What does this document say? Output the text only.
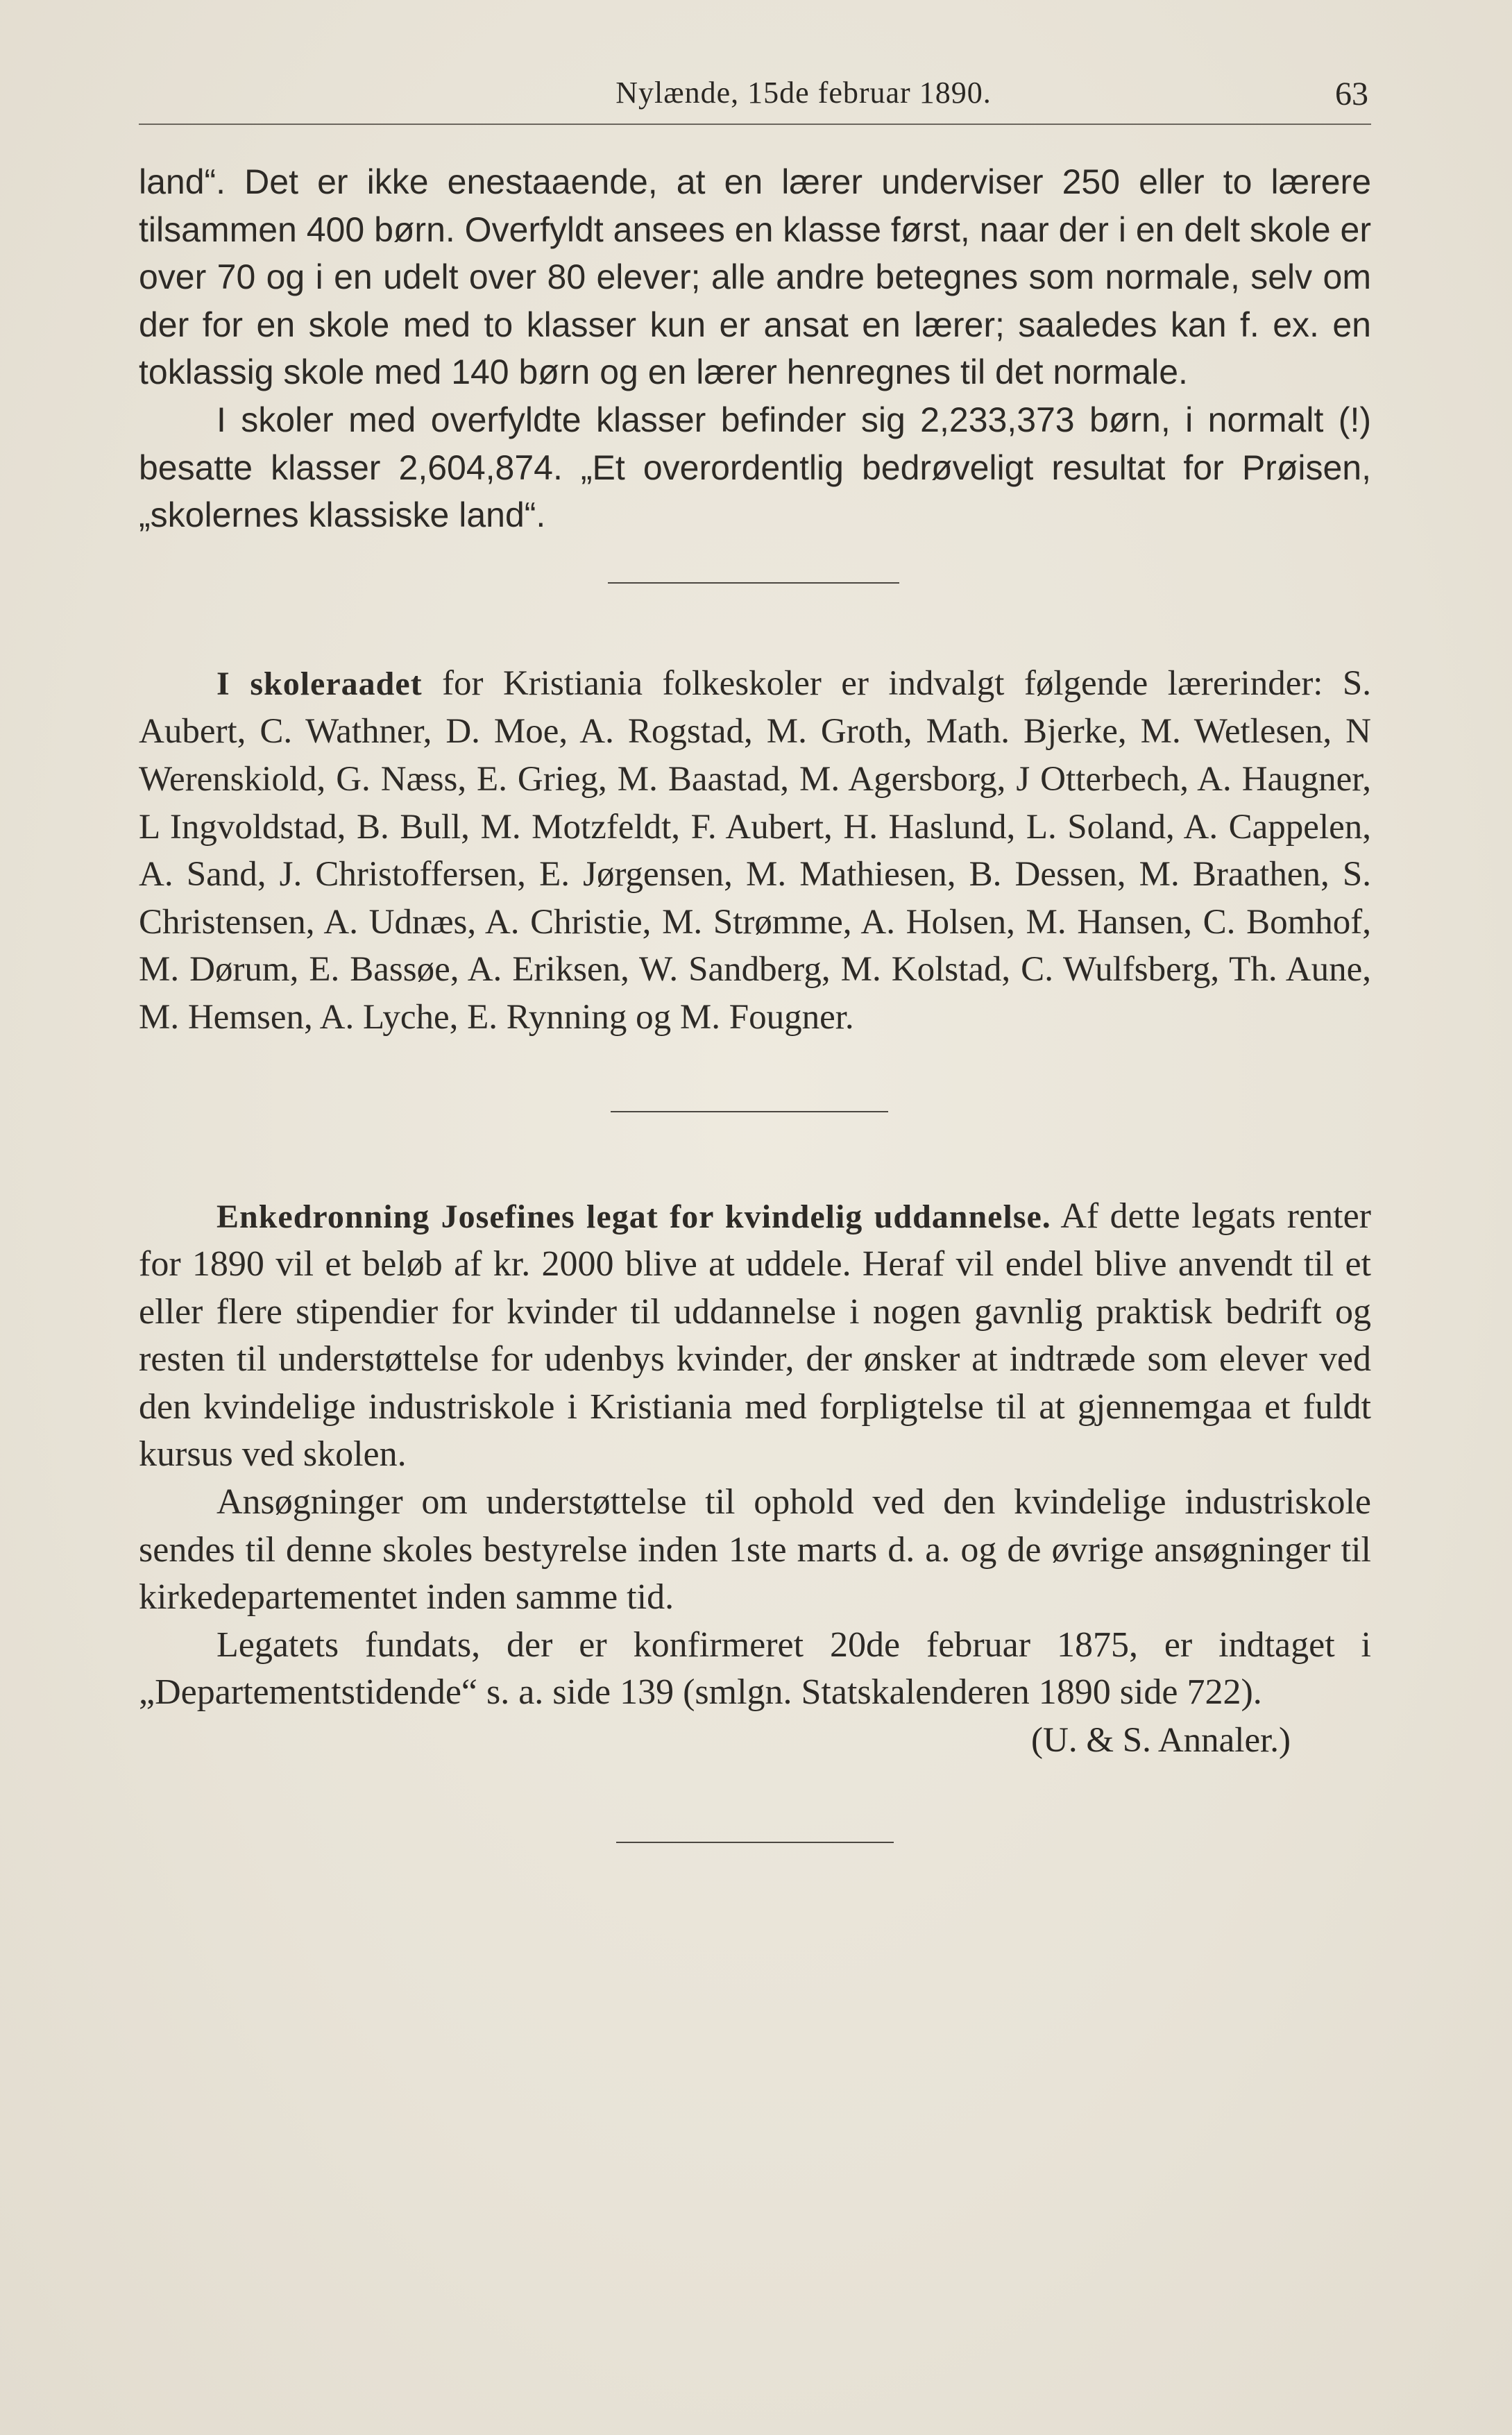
Nylænde, 15de februar 1890.	63

land“. Det er ikke enestaaende, at en lærer underviser 250 eller to lærere tilsammen 400 børn. Overfyldt ansees en klasse først, naar der i en delt skole er over 70 og i en udelt over 80 elever; alle andre betegnes som normale, selv om der for en skole med to klasser kun er ansat en lærer; saaledes kan f. ex. en toklassig skole med 140 børn og en lærer henregnes til det normale.

I skoler med overfyldte klasser befinder sig 2,233,373 børn, i normalt (!) besatte klasser 2,604,874. „Et overordentlig bedrøveligt resultat for Prøisen, „skolernes klassiske land“.

I skoleraadet for Kristiania folkeskoler er indvalgt følgende lærerinder: S. Aubert, C. Wathner, D. Moe, A. Rogstad, M. Groth, Math. Bjerke, M. Wetlesen, N Werenskiold, G. Næss, E. Grieg, M. Baastad, M. Agersborg, J Otterbech, A. Haugner, L Ingvoldstad, B. Bull, M. Motzfeldt, F. Aubert, H. Haslund, L. Soland, A. Cappelen, A. Sand, J. Christoffersen, E. Jørgensen, M. Mathiesen, B. Dessen, M. Braathen, S. Christensen, A. Udnæs, A. Christie, M. Strømme, A. Holsen, M. Hansen, C. Bomhof, M. Dørum, E. Bassøe, A. Eriksen, W. Sandberg, M. Kolstad, C. Wulfsberg, Th. Aune, M. Hemsen, A. Lyche, E. Rynning og M. Fougner.

Enkedronning Josefines legat for kvindelig uddannelse. Af dette legats renter for 1890 vil et beløb af kr. 2000 blive at uddele. Heraf vil endel blive anvendt til et eller flere stipendier for kvinder til uddannelse i nogen gavnlig praktisk bedrift og resten til understøttelse for udenbys kvinder, der ønsker at indtræde som elever ved den kvindelige industriskole i Kristiania med forpligtelse til at gjennemgaa et fuldt kursus ved skolen.

Ansøgninger om understøttelse til ophold ved den kvindelige industriskole sendes til denne skoles bestyrelse inden 1ste marts d. a. og de øvrige ansøgninger til kirkedepartementet inden samme tid.

Legatets fundats, der er konfirmeret 20de februar 1875, er indtaget i „Departementstidende“ s. a. side 139 (smlgn. Statskalenderen 1890 side 722).

(U. & S. Annaler.)
